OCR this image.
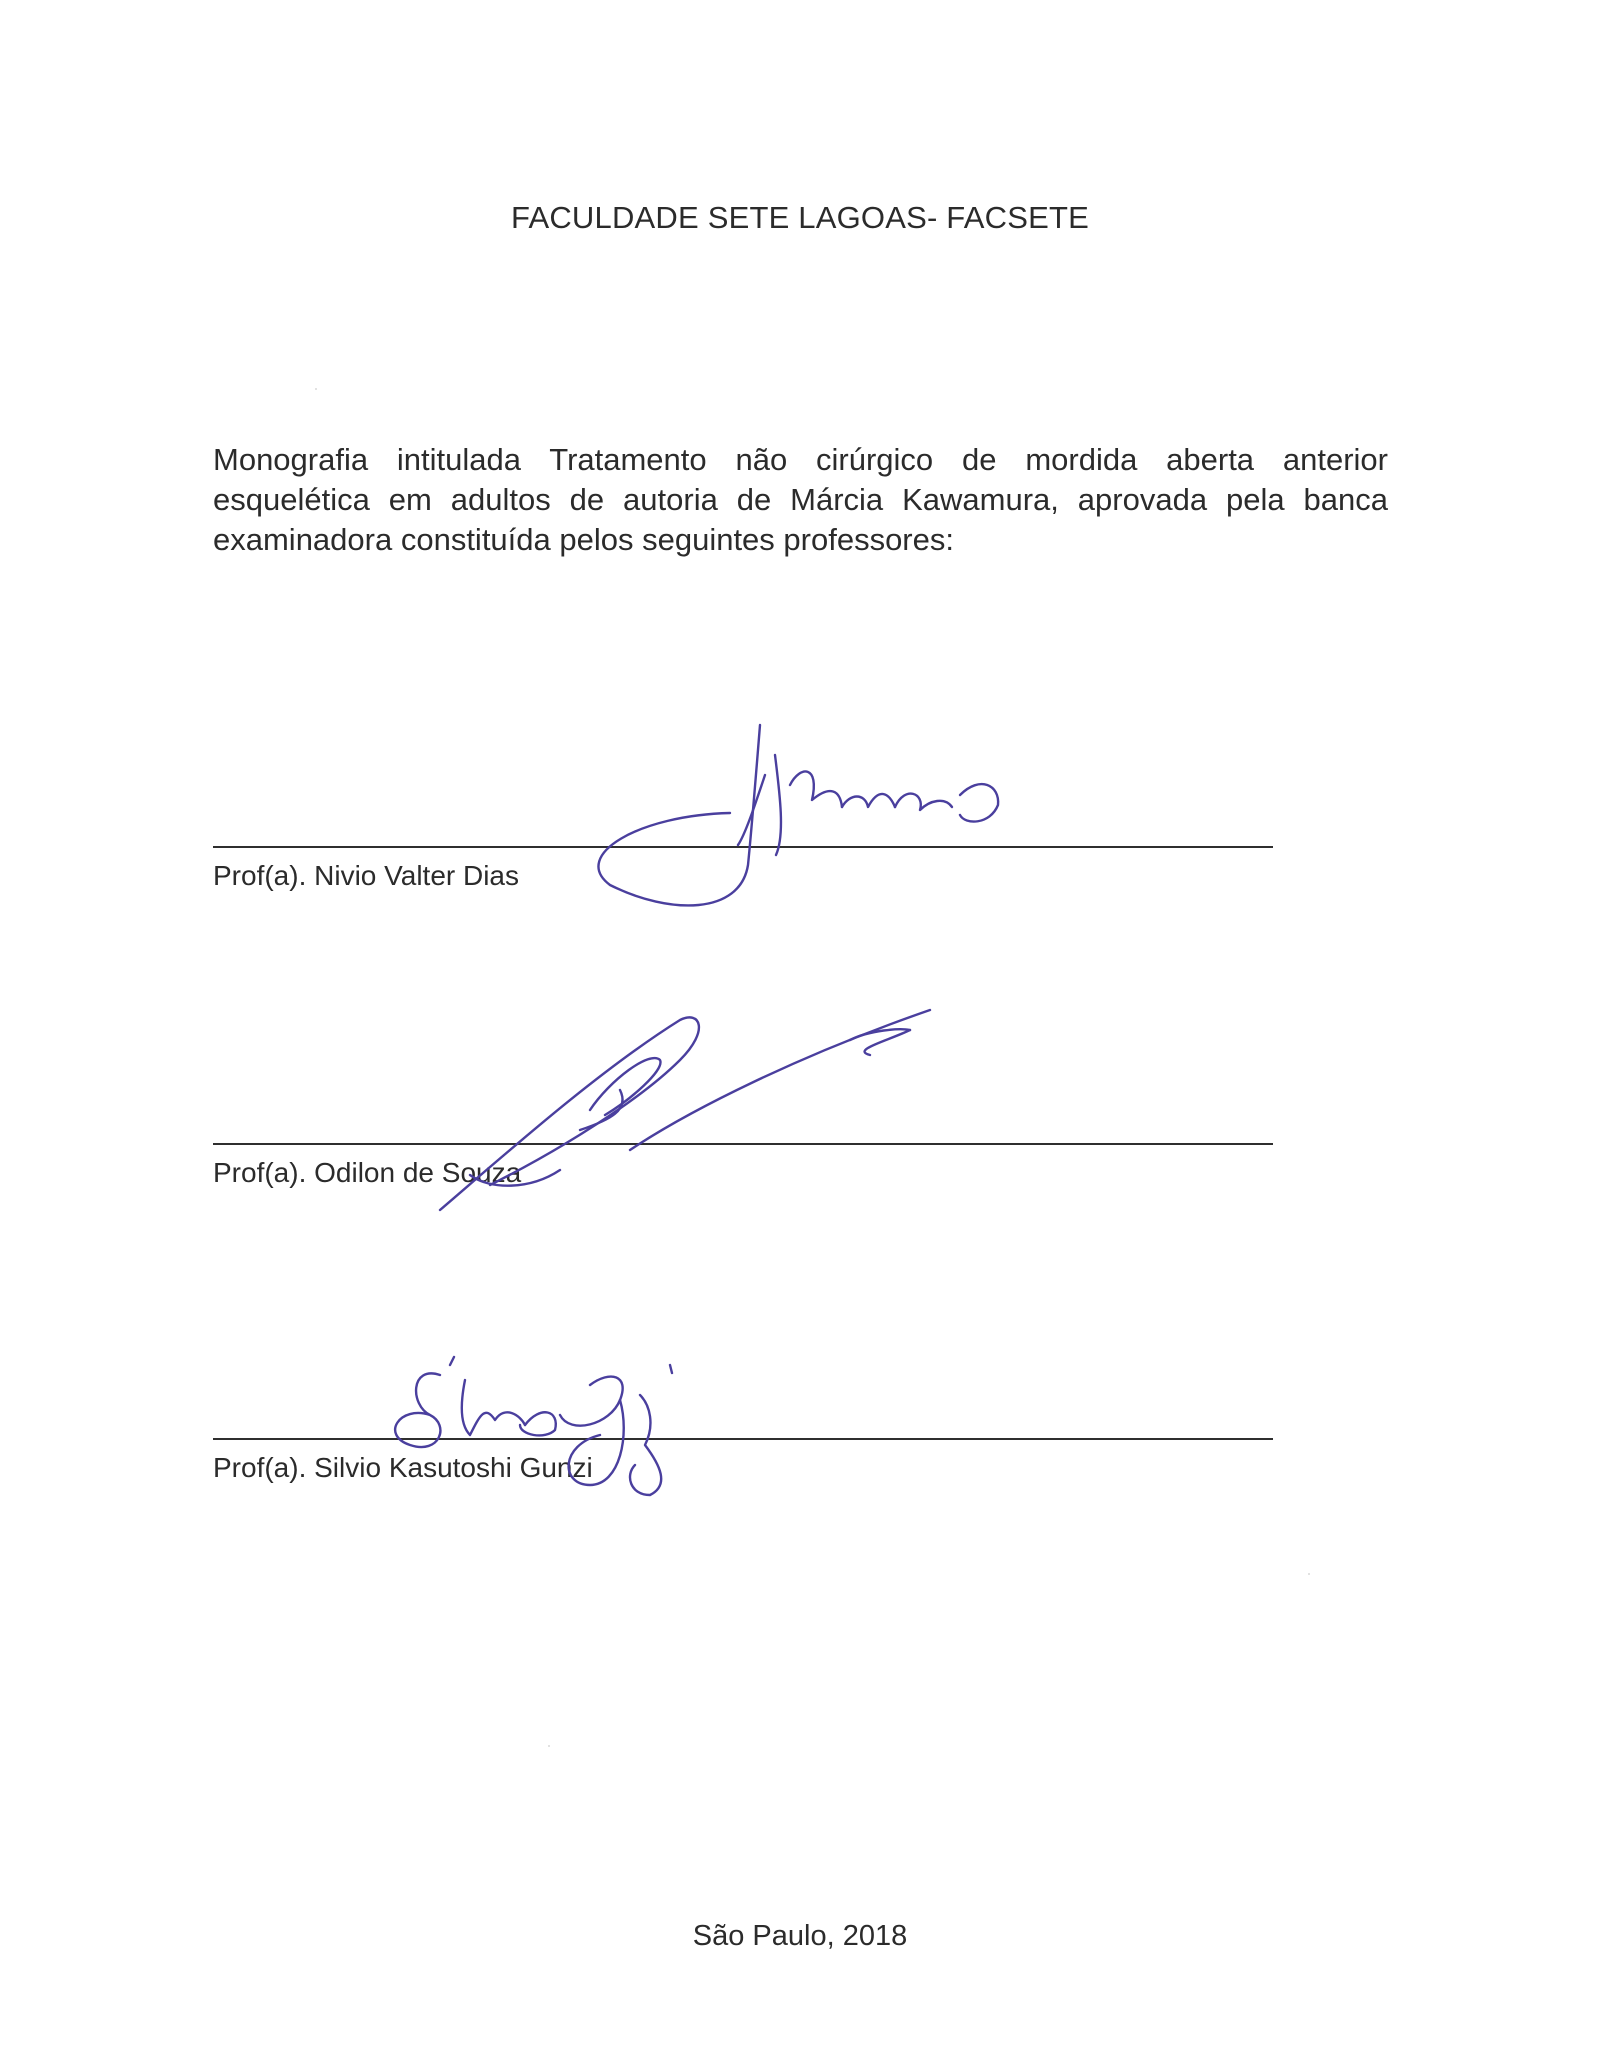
FACULDADE SETE LAGOAS- FACSETE
Monografia intitulada Tratamento não cirúrgico de mordida aberta anterior esquelética em adultos de autoria de Márcia Kawamura, aprovada pela banca examinadora constituída pelos seguintes professores:
Prof(a). Nivio Valter Dias
Prof(a). Odilon de Souza
Prof(a). Silvio Kasutoshi Gunzi
São Paulo, 2018
